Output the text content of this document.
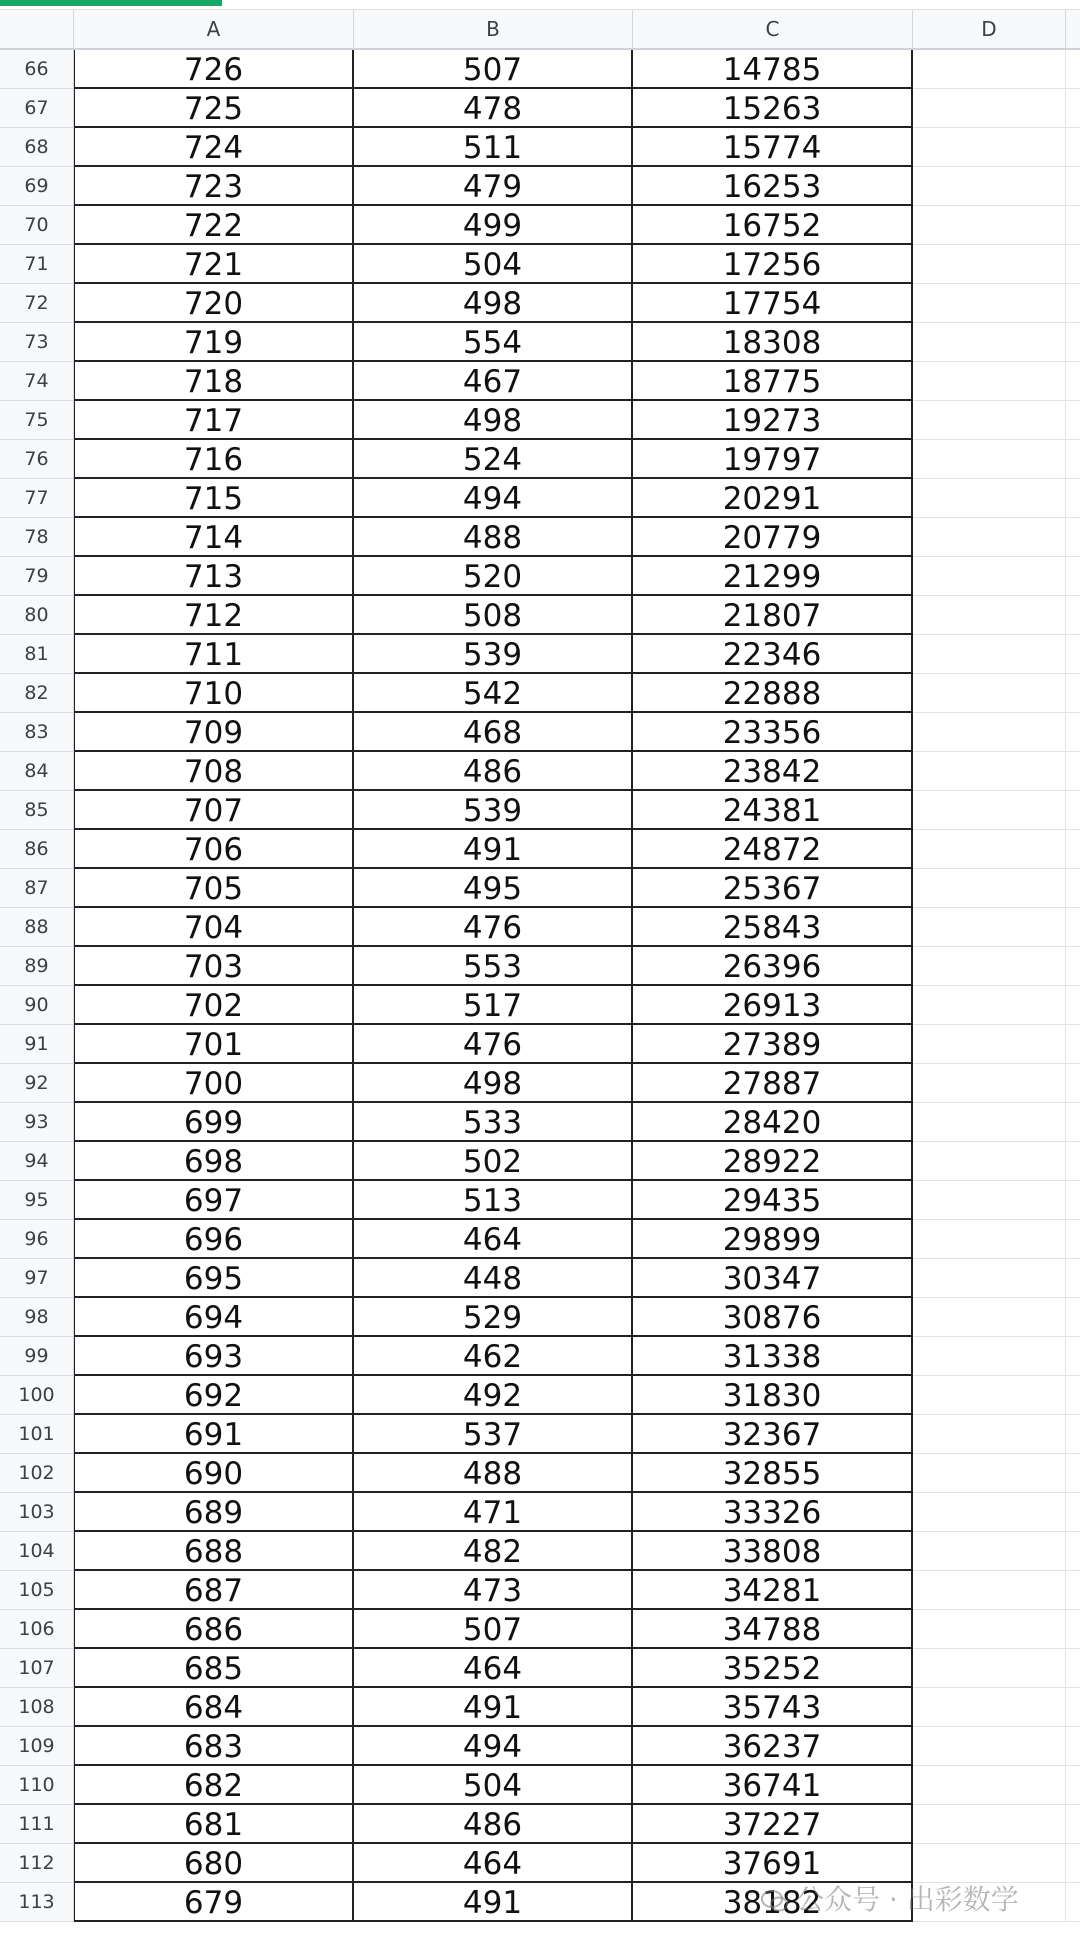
A	B	C	D
66	726	507	14785
67	725	478	15263
68	724	511	15774
69	723	479	16253
70	722	499	16752
71	721	504	17256
72	720	498	17754
73	719	554	18308
74	718	467	18775
75	717	498	19273
76	716	524	19797
77	715	494	20291
78	714	488	20779
79	713	520	21299
80	712	508	21807
81	711	539	22346
82	710	542	22888
83	709	468	23356
84	708	486	23842
85	707	539	24381
86	706	491	24872
87	705	495	25367
88	704	476	25843
89	703	553	26396
90	702	517	26913
91	701	476	27389
92	700	498	27887
93	699	533	28420
94	698	502	28922
95	697	513	29435
96	696	464	29899
97	695	448	30347
98	694	529	30876
99	693	462	31338
100	692	492	31830
101	691	537	32367
102	690	488	32855
103	689	471	33326
104	688	482	33808
105	687	473	34281
106	686	507	34788
107	685	464	35252
108	684	491	35743
109	683	494	36237
110	682	504	36741
111	681	486	37227
112	680	464	37691
113	679	491	38182
公众号 · 出彩数学
